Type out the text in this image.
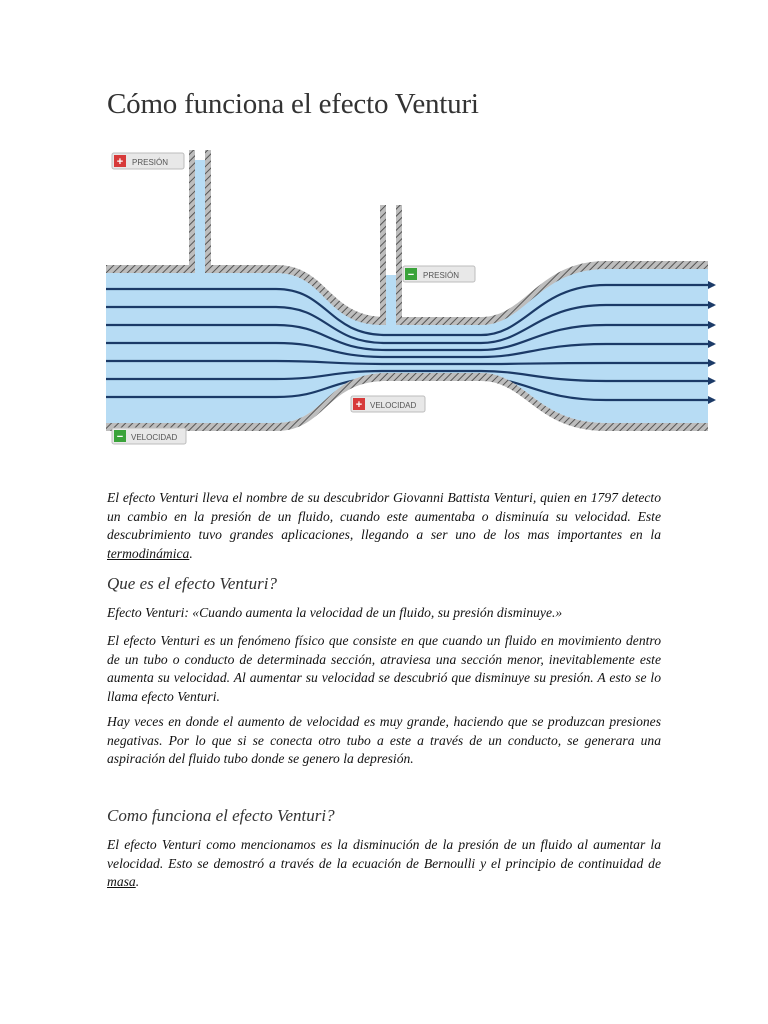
Cómo funciona el efecto Venturi
+ PRESIÓN
− PRESIÓN
+ VELOCIDAD
− VELOCIDAD

El efecto Venturi lleva el nombre de su descubridor Giovanni Battista Venturi, quien en 1797 detecto un cambio en la presión de un fluido, cuando este aumentaba o disminuía su velocidad. Este descubrimiento tuvo grandes aplicaciones, llegando a ser uno de los mas importantes en la termodinámica.

Que es el efecto Venturi?

Efecto Venturi: «Cuando aumenta la velocidad de un fluido, su presión disminuye.»

El efecto Venturi es un fenómeno físico que consiste en que cuando un fluido en movimiento dentro de un tubo o conducto de determinada sección, atraviesa una sección menor, inevitablemente este aumenta su velocidad. Al aumentar su velocidad se descubrió que disminuye su presión. A esto se lo llama efecto Venturi.

Hay veces en donde el aumento de velocidad es muy grande, haciendo que se produzcan presiones negativas. Por lo que si se conecta otro tubo a este a través de un conducto, se generara una aspiración del fluido tubo donde se genero la depresión.

Como funciona el efecto Venturi?

El efecto Venturi como mencionamos es la disminución de la presión de un fluido al aumentar la velocidad. Esto se demostró a través de la ecuación de Bernoulli y el principio de continuidad de masa.
